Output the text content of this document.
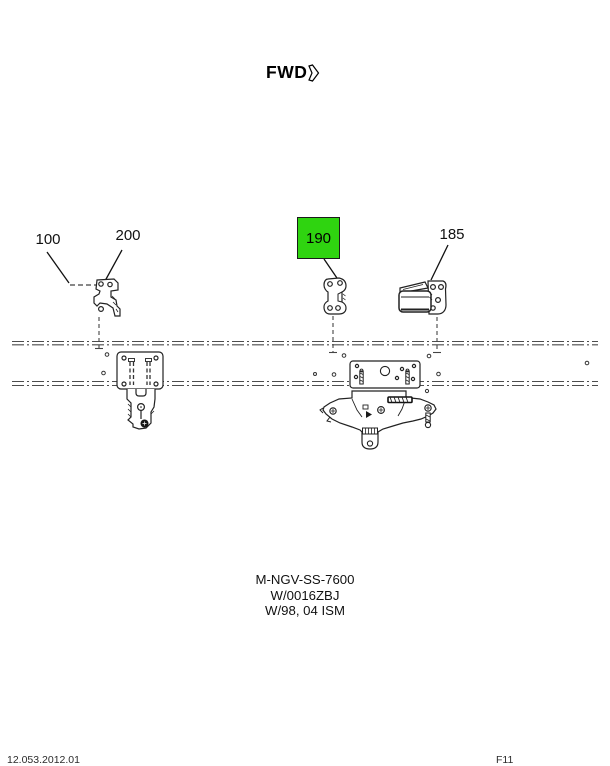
FWD
100	200	190	185
M-NGV-SS-7600
W/0016ZBJ
W/98, 04 ISM
12.053.2012.01	F11
